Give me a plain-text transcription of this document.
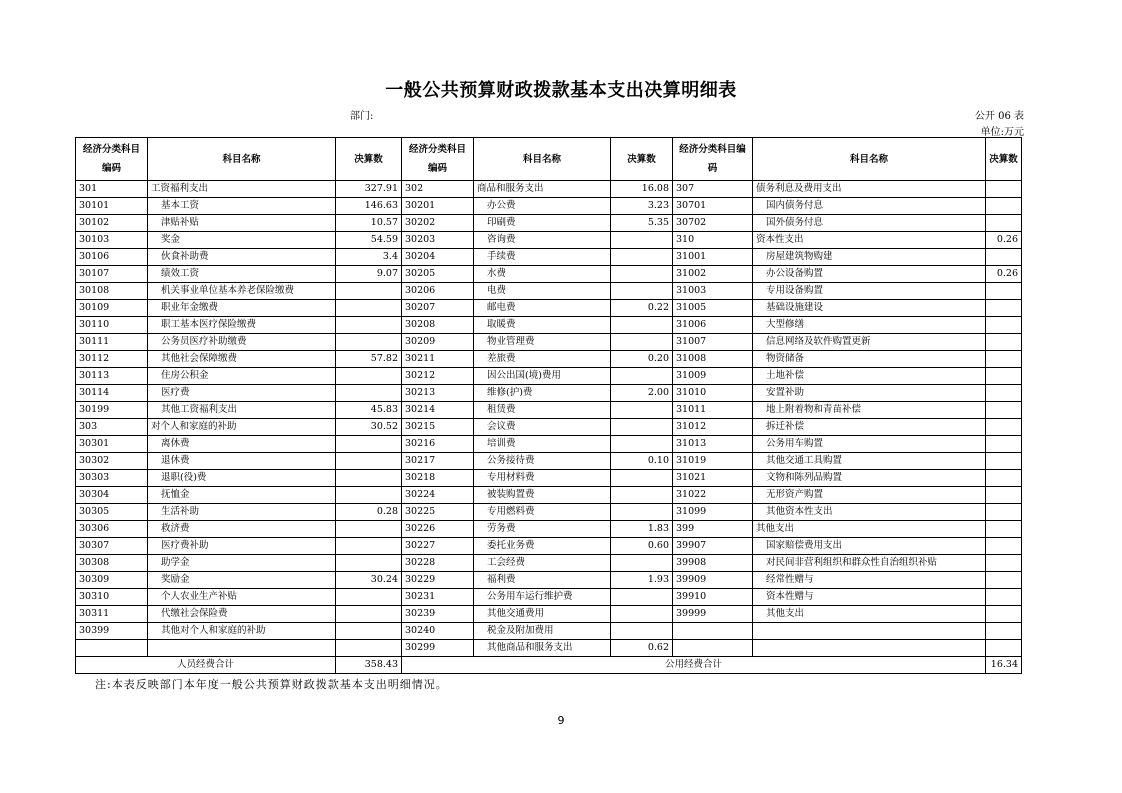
一般公共预算财政拨款基本支出决算明细表
部门:	公开 06 表
单位:万元
经济分类科目编码	科目名称	决算数	经济分类科目编码	科目名称	决算数	经济分类科目编码	科目名称	决算数
301	工资福利支出	327.91	302	商品和服务支出	16.08	307	债务利息及费用支出	
30101	基本工资	146.63	30201	办公费	3.23	30701	国内债务付息	
30102	津贴补贴	10.57	30202	印刷费	5.35	30702	国外债务付息	
30103	奖金	54.59	30203	咨询费		310	资本性支出	0.26
30106	伙食补助费	3.4	30204	手续费		31001	房屋建筑物购建	
30107	绩效工资	9.07	30205	水费		31002	办公设备购置	0.26
30108	机关事业单位基本养老保险缴费		30206	电费		31003	专用设备购置	
30109	职业年金缴费		30207	邮电费	0.22	31005	基础设施建设	
30110	职工基本医疗保险缴费		30208	取暖费		31006	大型修缮	
30111	公务员医疗补助缴费		30209	物业管理费		31007	信息网络及软件购置更新	
30112	其他社会保障缴费	57.82	30211	差旅费	0.20	31008	物资储备	
30113	住房公积金		30212	因公出国(境)费用		31009	土地补偿	
30114	医疗费		30213	维修(护)费	2.00	31010	安置补助	
30199	其他工资福利支出	45.83	30214	租赁费		31011	地上附着物和青苗补偿	
303	对个人和家庭的补助	30.52	30215	会议费		31012	拆迁补偿	
30301	离休费		30216	培训费		31013	公务用车购置	
30302	退休费		30217	公务接待费	0.10	31019	其他交通工具购置	
30303	退职(役)费		30218	专用材料费		31021	文物和陈列品购置	
30304	抚恤金		30224	被装购置费		31022	无形资产购置	
30305	生活补助	0.28	30225	专用燃料费		31099	其他资本性支出	
30306	救济费		30226	劳务费	1.83	399	其他支出	
30307	医疗费补助		30227	委托业务费	0.60	39907	国家赔偿费用支出	
30308	助学金		30228	工会经费		39908	对民间非营利组织和群众性自治组织补贴	
30309	奖励金	30.24	30229	福利费	1.93	39909	经常性赠与	
30310	个人农业生产补贴		30231	公务用车运行维护费		39910	资本性赠与	
30311	代缴社会保险费		30239	其他交通费用		39999	其他支出	
30399	其他对个人和家庭的补助		30240	税金及附加费用				
			30299	其他商品和服务支出	0.62			
人员经费合计		358.43	公用经费合计					16.34
注:本表反映部门本年度一般公共预算财政拨款基本支出明细情况。
9
